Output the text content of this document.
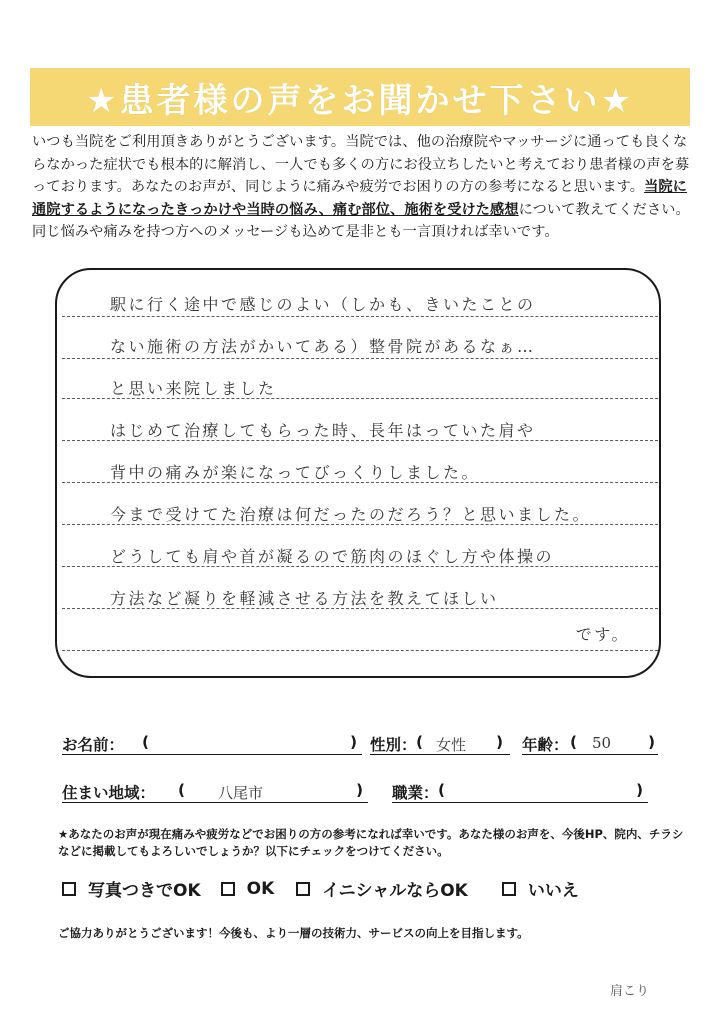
★患者様の声をお聞かせ下さい★
いつも当院をご利用頂きありがとうございます。当院では、他の治療院やマッサージに通っても良くならなかった症状でも根本的に解消し、一人でも多くの方にお役立ちしたいと考えており患者様の声を募っております。あなたのお声が、同じように痛みや疲労でお困りの方の参考になると思います。当院に通院するようになったきっかけや当時の悩み、痛む部位、施術を受けた感想について教えてください。同じ悩みや痛みを持つ方へのメッセージも込めて是非とも一言頂ければ幸いです。
駅に行く途中で感じのよい（しかも、きいたことの
ない施術の方法がかいてある）整骨院があるなぁ…
と思い来院しました
はじめて治療してもらった時、長年はっていた肩や
背中の痛みが楽になってびっくりしました。
今まで受けてた治療は何だったのだろう？と思いました。
どうしても肩や首が凝るので筋肉のほぐし方や体操の
方法など凝りを軽減させる方法を教えてほしい
です。
お名前： (	) 性別： ( 女性 ) 年齢： ( 50 )
住まい地域： ( 八尾市	) 職業： (	)
★あなたのお声が現在痛みや疲労などでお困りの方の参考になれば幸いです。あなた様のお声を、今後HP、院内、チラシなどに掲載してもよろしいでしょうか？以下にチェックをつけてください。
写真つきでOK	OK	イニシャルならOK	いいえ
ご協力ありがとうございます！今後も、より一層の技術力、サービスの向上を目指します。
肩こり
